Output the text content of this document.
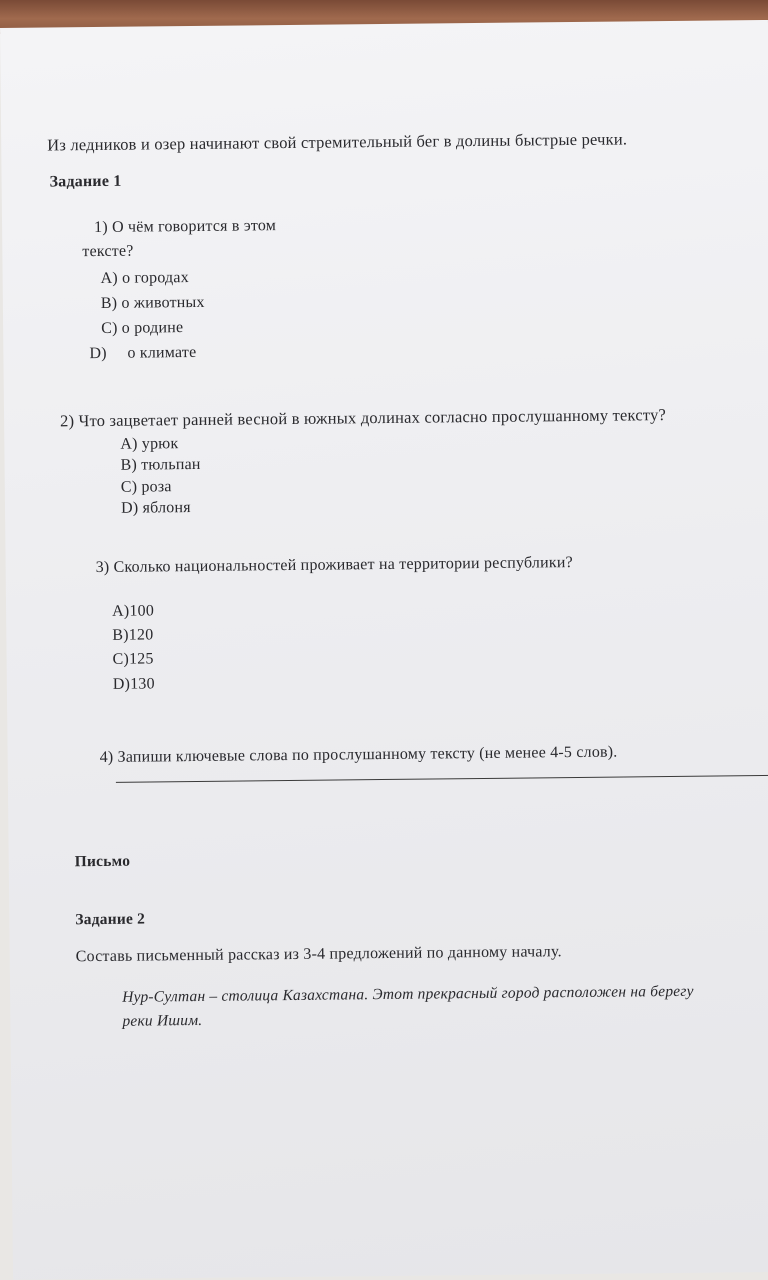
Из ледников и озер начинают свой стремительный бег в долины быстрые речки.
Задание 1
1) О чём говорится в этом
тексте?
А) о городах
В) о животных
С) о родине
D) о климате
2) Что зацветает ранней весной в южных долинах согласно прослушанному тексту?
А) урюк
В) тюльпан
С) роза
D) яблоня
3) Сколько национальностей проживает на территории республики?
А)100
В)120
С)125
D)130
4) Запиши ключевые слова по прослушанному тексту (не менее 4-5 слов).
Письмо
Задание 2
Составь письменный рассказ из 3-4 предложений по данному началу.
Нур-Султан – столица Казахстана. Этот прекрасный город расположен на берегу
реки Ишим.
